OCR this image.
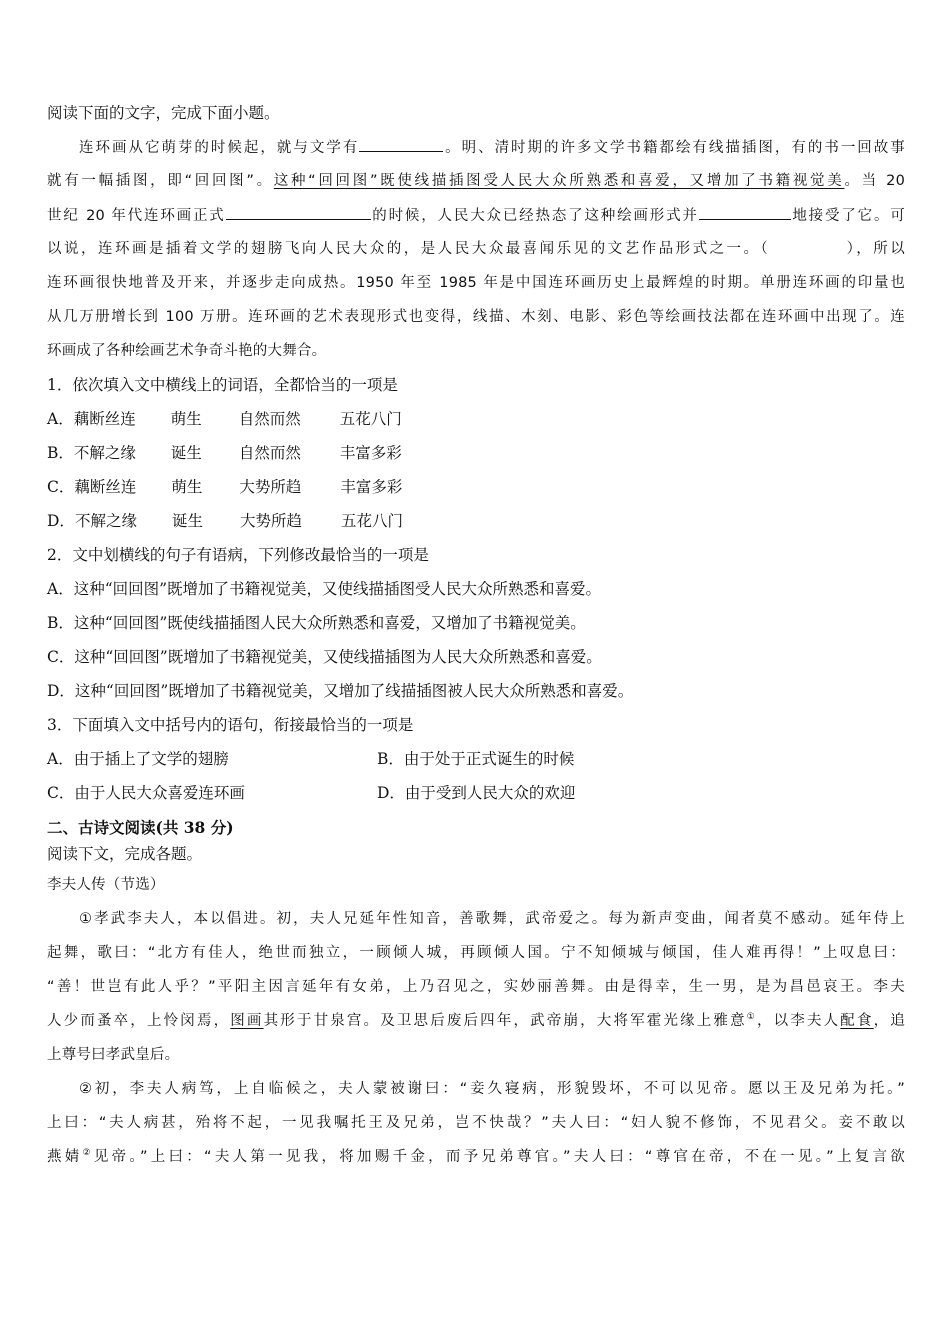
阅读下面的文字，完成下面小题。
连环画从它萌芽的时候起，就与文学有	。明、清时期的许多文学书籍都绘有线描插图，有的书一回故事
就有一幅插图，即“回回图”。这种“回回图”既使线描插图受人民大众所熟悉和喜爱，又增加了书籍视觉美。当 20
世纪 20 年代连环画正式	的时候，人民大众已经热态了这种绘画形式并	地接受了它。可
以说，连环画是插着文学的翅膀飞向人民大众的，是人民大众最喜闻乐见的文艺作品形式之一。（	），所以
连环画很快地普及开来，并逐步走向成热。1950 年至 1985 年是中国连环画历史上最辉煌的时期。单册连环画的印量也
从几万册增长到 100 万册。连环画的艺术表现形式也变得，线描、木刻、电影、彩色等绘画技法都在连环画中出现了。连
环画成了各种绘画艺术争奇斗艳的大舞合。
1．依次填入文中横线上的词语，全都恰当的一项是
A．藕断丝连 萌生 自然而然	五花八门
B．不解之缘 诞生 自然而然	丰富多彩
C．藕断丝连 萌生 大势所趋	丰富多彩
D．不解之缘 诞生 大势所趋	五花八门
2．文中划横线的句子有语病，下列修改最恰当的一项是
A．这种“回回图”既增加了书籍视觉美，又使线描插图受人民大众所熟悉和喜爱。
B．这种“回回图”既使线描插图人民大众所熟悉和喜爱，又增加了书籍视觉美。
C．这种“回回图”既增加了书籍视觉美，又使线描插图为人民大众所熟悉和喜爱。
D．这种“回回图”既增加了书籍视觉美，又增加了线描插图被人民大众所熟悉和喜爱。
3．下面填入文中括号内的语句，衔接最恰当的一项是
A．由于插上了文学的翅膀	B．由于处于正式诞生的时候
C．由于人民大众喜爱连环画	D．由于受到人民大众的欢迎
二、古诗文阅读(共 38 分)
阅读下文，完成各题。
李夫人传（节选）
①孝武李夫人，本以倡进。初，夫人兄延年性知音，善歌舞，武帝爱之。每为新声变曲，闻者莫不感动。延年侍上
起舞，歌曰：“北方有佳人，绝世而独立，一顾倾人城，再顾倾人国。宁不知倾城与倾国，佳人难再得！”上叹息曰：
“善！世岂有此人乎？”平阳主因言延年有女弟，上乃召见之，实妙丽善舞。由是得幸，生一男，是为昌邑哀王。李夫
人少而蚤卒，上怜闵焉，图画其形于甘泉宫。及卫思后废后四年，武帝崩，大将军霍光缘上雅意①，以李夫人配食，追
上尊号曰孝武皇后。
②初，李夫人病笃，上自临候之，夫人蒙被谢曰：“妾久寝病，形貌毁坏，不可以见帝。愿以王及兄弟为托。”
上曰：“夫人病甚，殆将不起，一见我嘱托王及兄弟，岂不快哉？”夫人曰：“妇人貌不修饰，不见君父。妾不敢以
燕婧②见帝。”上曰：“夫人第一见我，将加赐千金，而予兄弟尊官。”夫人曰：“尊官在帝，不在一见。”上复言欲
